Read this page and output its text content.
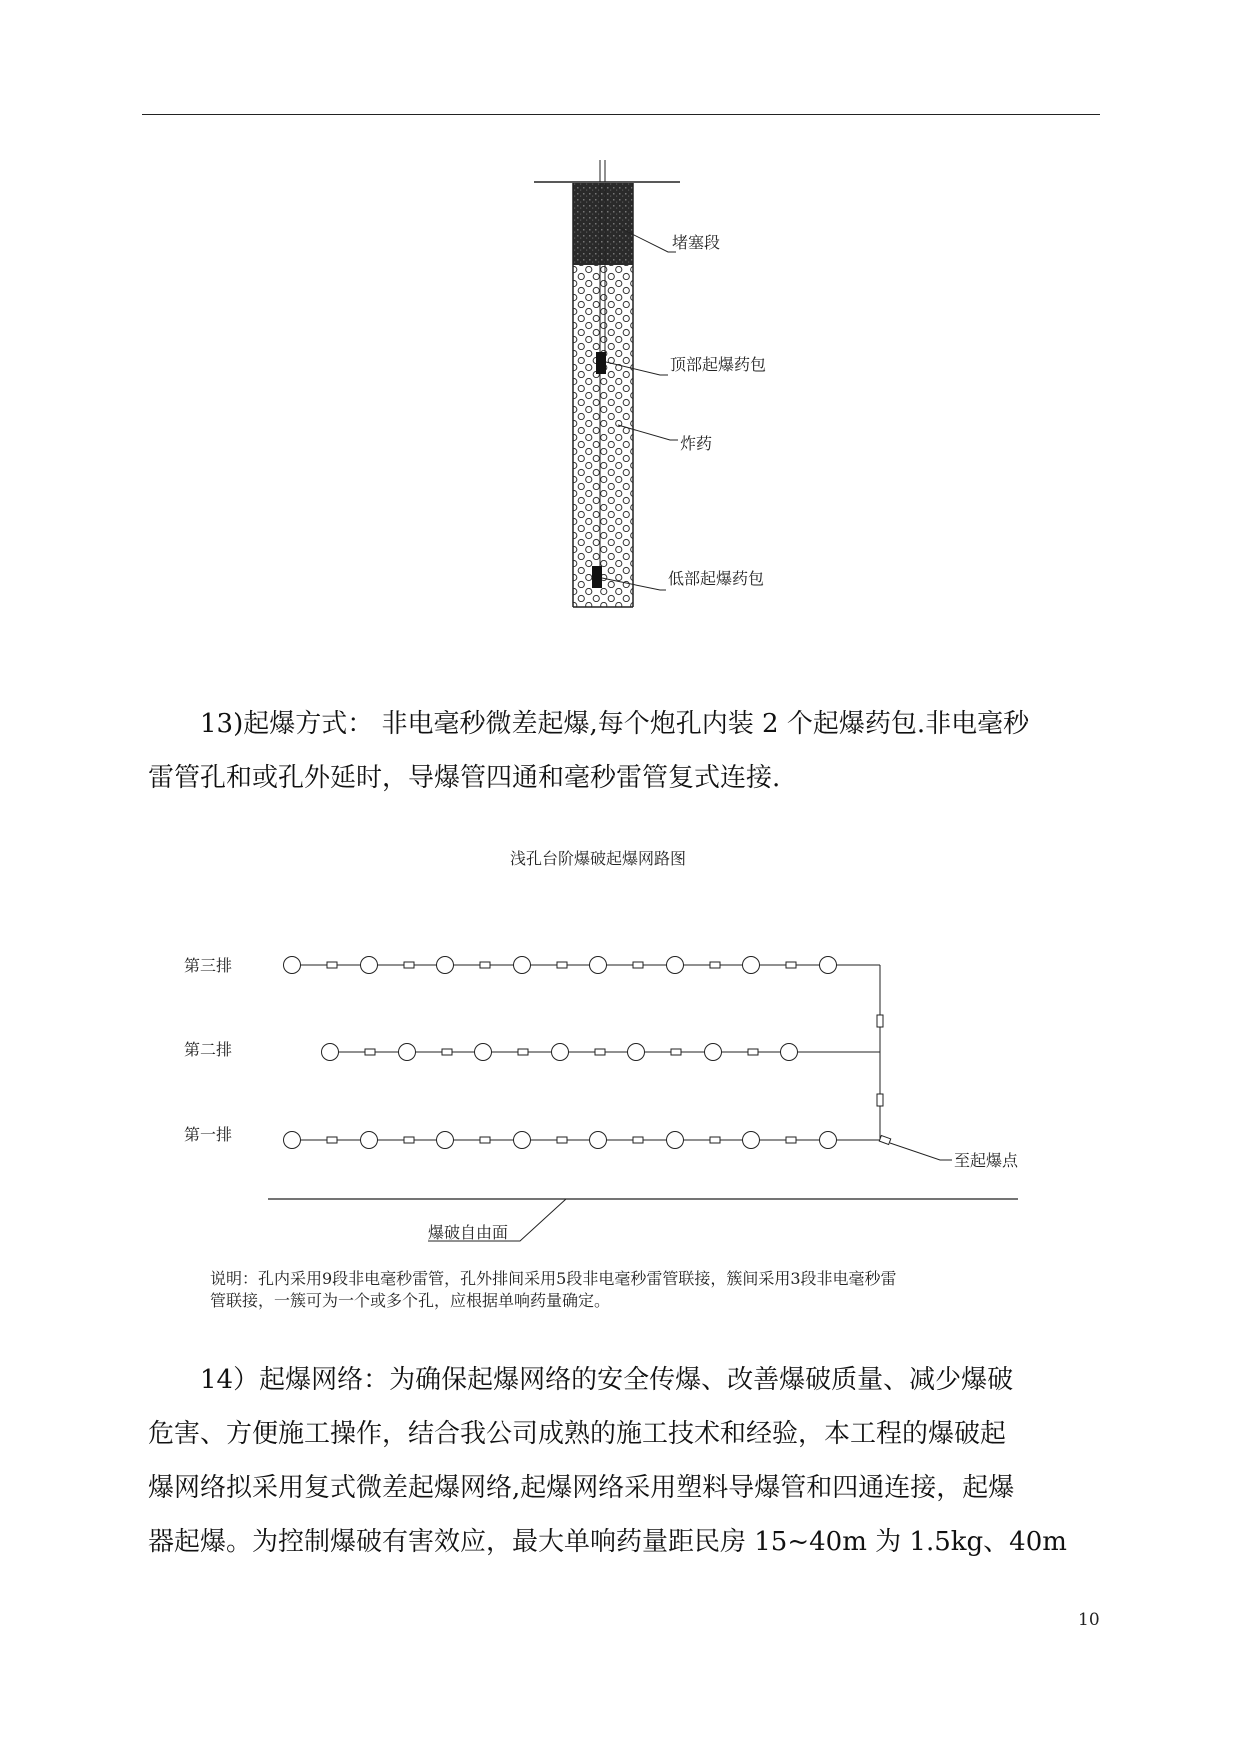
堵塞段
顶部起爆药包
炸药
低部起爆药包
13)起爆方式： 非电毫秒微差起爆,每个炮孔内装 2 个起爆药包.非电毫秒
雷管孔和或孔外延时，导爆管四通和毫秒雷管复式连接.
浅孔台阶爆破起爆网路图
第三排
第二排
第一排
至起爆点
爆破自由面
说明：孔内采用9段非电毫秒雷管，孔外排间采用5段非电毫秒雷管联接，簇间采用3段非电毫秒雷
管联接，一簇可为一个或多个孔，应根据单响药量确定。
14）起爆网络：为确保起爆网络的安全传爆、改善爆破质量、减少爆破
危害、方便施工操作，结合我公司成熟的施工技术和经验，本工程的爆破起
爆网络拟采用复式微差起爆网络,起爆网络采用塑料导爆管和四通连接，起爆
器起爆。为控制爆破有害效应，最大单响药量距民房 15~40m 为 1.5kg、40m
10
